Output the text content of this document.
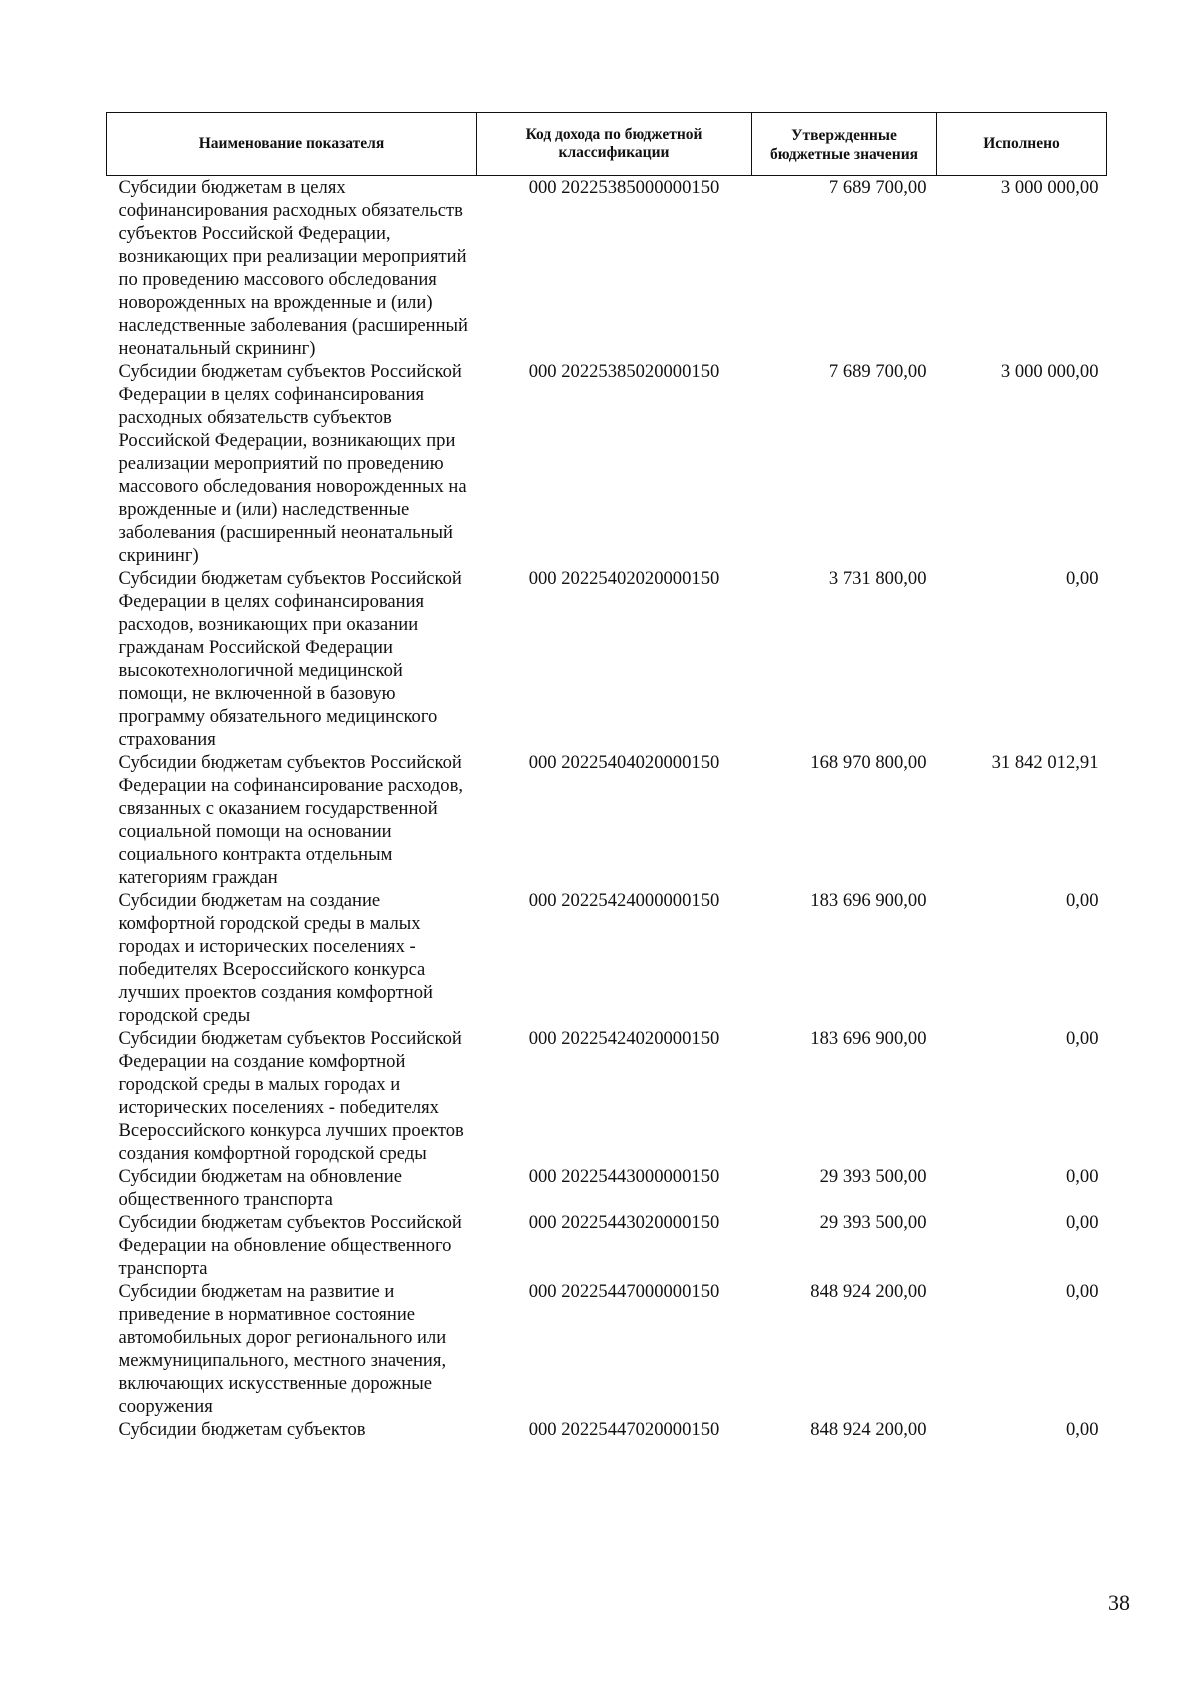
Наименование показателя	Код дохода по бюджетной классификации	Утвержденные бюджетные значения	Исполнено
Субсидии бюджетам в целях софинансирования расходных обязательств субъектов Российской Федерации, возникающих при реализации мероприятий по проведению массового обследования новорожденных на врожденные и (или) наследственные заболевания (расширенный неонатальный скрининг)	000 20225385000000150	7 689 700,00	3 000 000,00
Субсидии бюджетам субъектов Российской Федерации в целях софинансирования расходных обязательств субъектов Российской Федерации, возникающих при реализации мероприятий по проведению массового обследования новорожденных на врожденные и (или) наследственные заболевания (расширенный неонатальный скрининг)	000 20225385020000150	7 689 700,00	3 000 000,00
Субсидии бюджетам субъектов Российской Федерации в целях софинансирования расходов, возникающих при оказании гражданам Российской Федерации высокотехнологичной медицинской помощи, не включенной в базовую программу обязательного медицинского страхования	000 20225402020000150	3 731 800,00	0,00
Субсидии бюджетам субъектов Российской Федерации на софинансирование расходов, связанных с оказанием государственной социальной помощи на основании социального контракта отдельным категориям граждан	000 20225404020000150	168 970 800,00	31 842 012,91
Субсидии бюджетам на создание комфортной городской среды в малых городах и исторических поселениях - победителях Всероссийского конкурса лучших проектов создания комфортной городской среды	000 20225424000000150	183 696 900,00	0,00
Субсидии бюджетам субъектов Российской Федерации на создание комфортной городской среды в малых городах и исторических поселениях - победителях Всероссийского конкурса лучших проектов создания комфортной городской среды	000 20225424020000150	183 696 900,00	0,00
Субсидии бюджетам на обновление общественного транспорта	000 20225443000000150	29 393 500,00	0,00
Субсидии бюджетам субъектов Российской Федерации на обновление общественного транспорта	000 20225443020000150	29 393 500,00	0,00
Субсидии бюджетам на развитие и приведение в нормативное состояние автомобильных дорог регионального или межмуниципального, местного значения, включающих искусственные дорожные сооружения	000 20225447000000150	848 924 200,00	0,00
Субсидии бюджетам субъектов	000 20225447020000150	848 924 200,00	0,00
38
